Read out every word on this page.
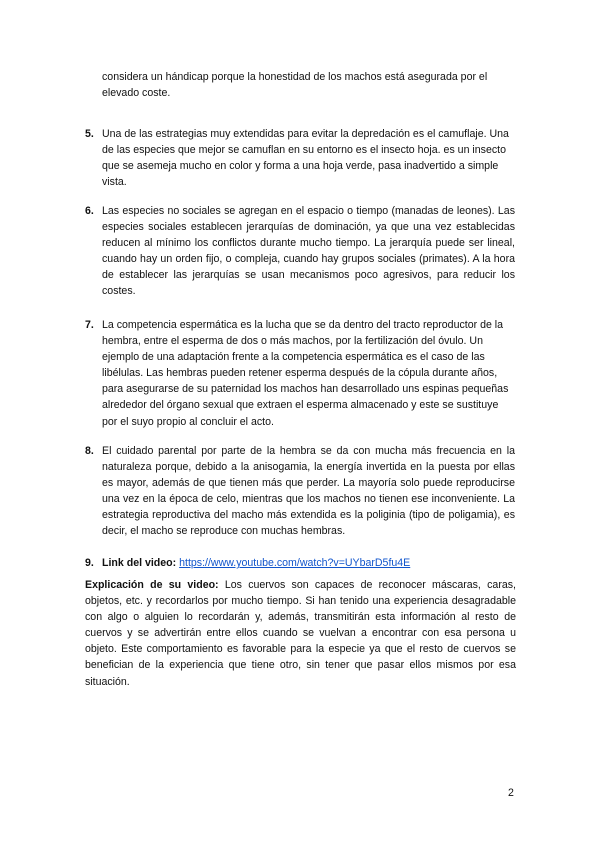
considera un hándicap porque la honestidad de los machos está asegurada por el elevado coste.

5. Una de las estrategias muy extendidas para evitar la depredación es el camuflaje. Una de las especies que mejor se camuflan en su entorno es el insecto hoja. es un insecto que se asemeja mucho en color y forma a una hoja verde, pasa inadvertido a simple vista.

6. Las especies no sociales se agregan en el espacio o tiempo (manadas de leones). Las especies sociales establecen jerarquías de dominación, ya que una vez establecidas reducen al mínimo los conflictos durante mucho tiempo. La jerarquía puede ser lineal, cuando hay un orden fijo, o compleja, cuando hay grupos sociales (primates). A la hora de establecer las jerarquías se usan mecanismos poco agresivos, para reducir los costes.

7. La competencia espermática es la lucha que se da dentro del tracto reproductor de la hembra, entre el esperma de dos o más machos, por la fertilización del óvulo. Un ejemplo de una adaptación frente a la competencia espermática es el caso de las libélulas. Las hembras pueden retener esperma después de la cópula durante años, para asegurarse de su paternidad los machos han desarrollado uns espinas pequeñas alrededor del órgano sexual que extraen el esperma almacenado y este se sustituye por el suyo propio al concluir el acto.

8. El cuidado parental por parte de la hembra se da con mucha más frecuencia en la naturaleza porque, debido a la anisogamia, la energía invertida en la puesta por ellas es mayor, además de que tienen más que perder. La mayoría solo puede reproducirse una vez en la época de celo, mientras que los machos no tienen ese inconveniente. La estrategia reproductiva del macho más extendida es la poliginia (tipo de poligamia), es decir, el macho se reproduce con muchas hembras.

9. Link del video: https://www.youtube.com/watch?v=UYbarD5fu4E

Explicación de su video: Los cuervos son capaces de reconocer máscaras, caras, objetos, etc. y recordarlos por mucho tiempo. Si han tenido una experiencia desagradable con algo o alguien lo recordarán y, además, transmitirán esta información al resto de cuervos y se advertirán entre ellos cuando se vuelvan a encontrar con esa persona u objeto. Este comportamiento es favorable para la especie ya que el resto de cuervos se benefician de la experiencia que tiene otro, sin tener que pasar ellos mismos por esa situación.

2
